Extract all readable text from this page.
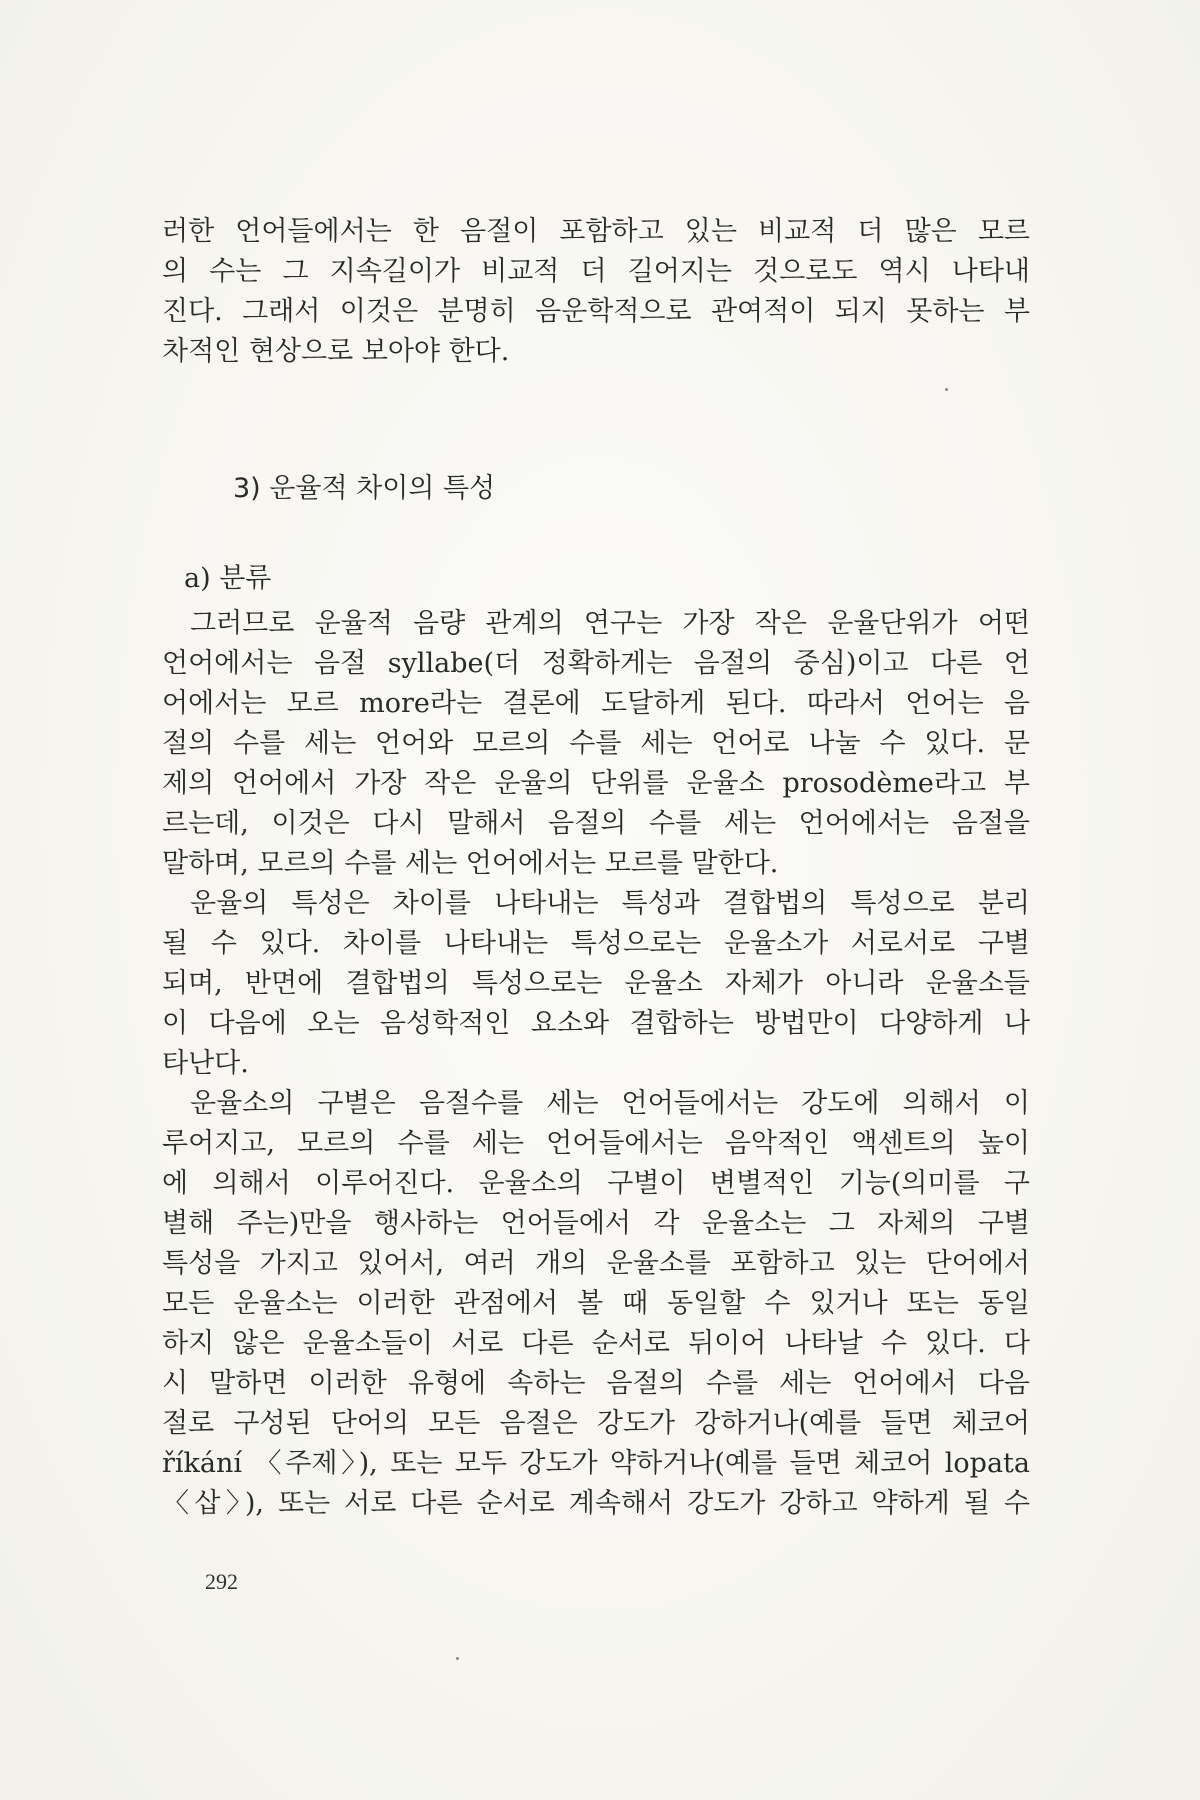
러한 언어들에서는 한 음절이 포함하고 있는 비교적 더 많은 모르
의 수는 그 지속길이가 비교적 더 길어지는 것으로도 역시 나타내
진다. 그래서 이것은 분명히 음운학적으로 관여적이 되지 못하는 부
차적인 현상으로 보아야 한다.
3) 운율적 차이의 특성
a) 분류
그러므로 운율적 음량 관계의 연구는 가장 작은 운율단위가 어떤
언어에서는 음절 syllabe(더 정확하게는 음절의 중심)이고 다른 언
어에서는 모르 more라는 결론에 도달하게 된다. 따라서 언어는 음
절의 수를 세는 언어와 모르의 수를 세는 언어로 나눌 수 있다. 문
제의 언어에서 가장 작은 운율의 단위를 운율소 prosodème라고 부
르는데, 이것은 다시 말해서 음절의 수를 세는 언어에서는 음절을
말하며, 모르의 수를 세는 언어에서는 모르를 말한다.
운율의 특성은 차이를 나타내는 특성과 결합법의 특성으로 분리
될 수 있다. 차이를 나타내는 특성으로는 운율소가 서로서로 구별
되며, 반면에 결합법의 특성으로는 운율소 자체가 아니라 운율소들
이 다음에 오는 음성학적인 요소와 결합하는 방법만이 다양하게 나
타난다.
운율소의 구별은 음절수를 세는 언어들에서는 강도에 의해서 이
루어지고, 모르의 수를 세는 언어들에서는 음악적인 액센트의 높이
에 의해서 이루어진다. 운율소의 구별이 변별적인 기능(의미를 구
별해 주는)만을 행사하는 언어들에서 각 운율소는 그 자체의 구별
특성을 가지고 있어서, 여러 개의 운율소를 포함하고 있는 단어에서
모든 운율소는 이러한 관점에서 볼 때 동일할 수 있거나 또는 동일
하지 않은 운율소들이 서로 다른 순서로 뒤이어 나타날 수 있다. 다
시 말하면 이러한 유형에 속하는 음절의 수를 세는 언어에서 다음
절로 구성된 단어의 모든 음절은 강도가 강하거나(예를 들면 체코어
říkání 〈주제〉), 또는 모두 강도가 약하거나(예를 들면 체코어 lopata
〈삽〉), 또는 서로 다른 순서로 계속해서 강도가 강하고 약하게 될 수
292
